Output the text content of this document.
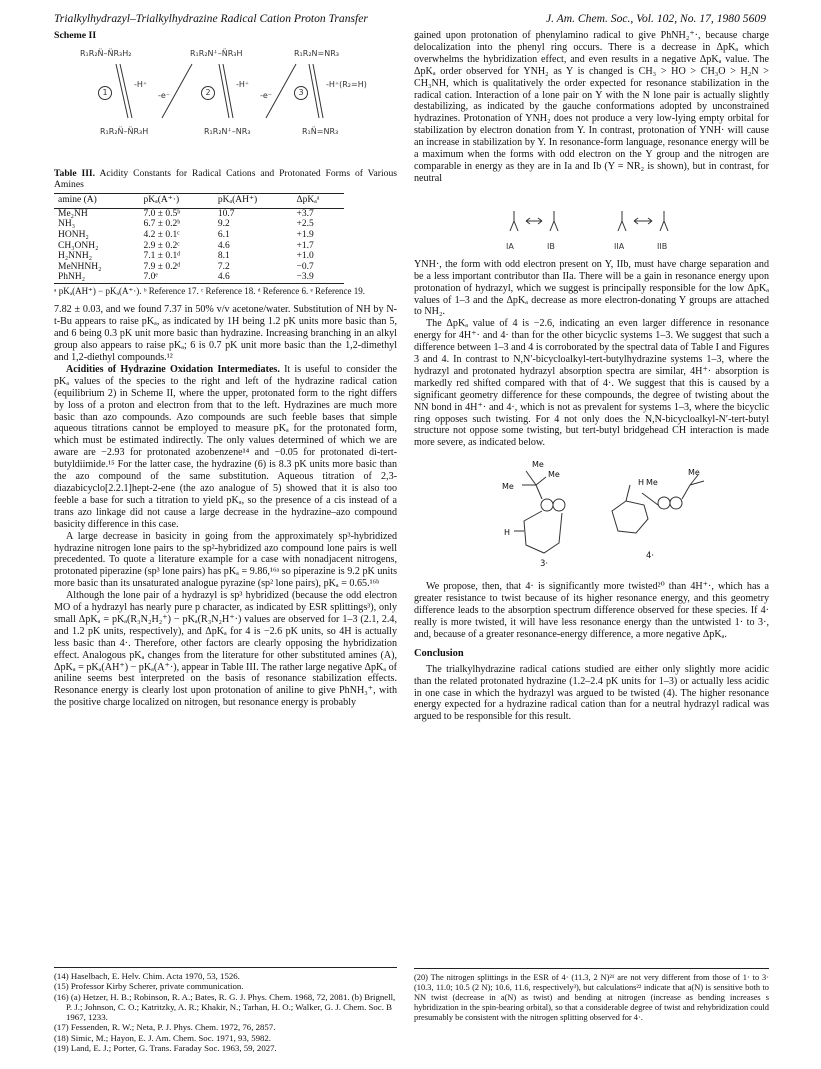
Trialkylhydrazyl–Trialkylhydrazine Radical Cation Proton Transfer	J. Am. Chem. Soc., Vol. 102, No. 17, 1980 5609
Scheme II
R₁R₂N̈–N̈R₃H₂	R₁R₂N⁺̇–N̈R₃H	R₁R₂N=NR₃
1
-H⁺
-e⁻	2
-H⁺
-e⁻	3
-H⁺(R₂=H)
R₁R₂N̈–N̈R₃H	R₁R₂N⁺̇–NR₃	R₁N̈=NR₃
Table III. Acidity Constants for Radical Cations and Protonated Forms of Various Amines
amine (A)	pKₐ(A⁺·)	pKₐ(AH⁺)	ΔpKₐᵃ
Me₂NH	7.0 ± 0.5ᵇ	10.7	+3.7
NH₃	6.7 ± 0.2ᵇ	9.2	+2.5
HONH₂	4.2 ± 0.1ᶜ	6.1	+1.9
CH₃ONH₂	2.9 ± 0.2ᶜ	4.6	+1.7
H₂NNH₂	7.1 ± 0.1ᵈ	8.1	+1.0
MeNHNH₂	7.9 ± 0.2ᵈ	7.2	−0.7
PhNH₂	7.0ᵉ	4.6	−3.9
ᵃ pKₐ(AH⁺) − pKₐ(A⁺·). ᵇ Reference 17. ᶜ Reference 18. ᵈ Reference 6. ᵉ Reference 19.

7.82 ± 0.03, and we found 7.37 in 50% v/v acetone/water. Substitution of NH by N-t-Bu appears to raise pKₐ, as indicated by 1H being 1.2 pK units more basic than 5, and 6 being 0.3 pK unit more basic than hydrazine. Increasing branching in an alkyl group also appears to raise pKₐ; 6 is 0.7 pK unit more basic than the 1,2-dimethyl and 1,2-diethyl compounds.¹²

Acidities of Hydrazine Oxidation Intermediates. It is useful to consider the pKₐ values of the species to the right and left of the hydrazine radical cation (equilibrium 2) in Scheme II, where the upper, protonated form to the right differs by loss of a proton and electron from that to the left. Hydrazines are much more basic than azo compounds. Azo compounds are such feeble bases that simple aqueous titrations cannot be employed to measure pKₐ for the protonated form, which must be estimated indirectly. The only values determined of which we are aware are −2.93 for protonated azobenzene¹⁴ and −0.05 for protonated di-tert-butyldiimide.¹⁵ For the latter case, the hydrazine (6) is 8.3 pK units more basic than the azo compound of the same substitution. Aqueous titration of 2,3-diazabicyclo[2.2.1]hept-2-ene (the azo analogue of 5) showed that it is also too feeble a base for such a titration to yield pKₐ, so the presence of a cis instead of a trans azo linkage did not cause a large decrease in the hydrazine–azo compound basicity difference in this case.

A large decrease in basicity in going from the approximately sp³-hybridized hydrazine nitrogen lone pairs to the sp²-hybridized azo compound lone pairs is well precedented. To quote a literature example for a case with nonadjacent nitrogens, protonated piperazine (sp³ lone pairs) has pKₐ = 9.86,¹⁶ᵃ so piperazine is 9.2 pK units more basic than its unsaturated analogue pyrazine (sp² lone pairs), pKₐ = 0.65.¹⁶ᵇ

Although the lone pair of a hydrazyl is sp³ hybridized (because the odd electron MO of a hydrazyl has nearly pure p character, as indicated by ESR splittings³), only small ΔpKₐ = pKₐ(R₃N₂H₂⁺) − pKₐ(R₃N₂H⁺·) values are observed for 1–3 (2.1, 2.4, and 1.2 pK units, respectively), and ΔpKₐ for 4 is −2.6 pK units, so 4H is actually less basic than 4·. Therefore, other factors are clearly opposing the hybridization effect. Analogous pKₐ changes from the literature for other substituted amines (A), ΔpKₐ = pKₐ(AH⁺) − pKₐ(A⁺·), appear in Table III. The rather large negative ΔpKₐ of aniline seems best interpreted on the basis of resonance stabilization effects. Resonance energy is clearly lost upon protonation of aniline to give PhNH₃⁺, with the positive charge localized on nitrogen, but resonance energy is probably

(14) Haselbach, E. Helv. Chim. Acta 1970, 53, 1526.
(15) Professor Kirby Scherer, private communication.
(16) (a) Hetzer, H. B.; Robinson, R. A.; Bates, R. G. J. Phys. Chem. 1968, 72, 2081. (b) Brignell, P. J.; Johnson, C. O.; Katritzky, A. R.; Khakir, N.; Tarhan, H. O.; Walker, G. J. Chem. Soc. B 1967, 1233.
(17) Fessenden, R. W.; Neta, P. J. Phys. Chem. 1972, 76, 2857.
(18) Simic, M.; Hayon, E. J. Am. Chem. Soc. 1971, 93, 5982.
(19) Land, E. J.; Porter, G. Trans. Faraday Soc. 1963, 59, 2027.

gained upon protonation of phenylamino radical to give PhNH₂⁺·, because charge delocalization into the phenyl ring occurs. There is a decrease in ΔpKₐ which overwhelms the hybridization effect, and even results in a negative ΔpKₐ value. The ΔpKₐ order observed for YNH₂ as Y is changed is CH₃ > HO > CH₃O > H₂N > CH₃NH, which is qualitatively the order expected for resonance stabilization in the radical cation. Interaction of a lone pair on Y with the N lone pair is actually slightly destabilizing, as indicated by the gauche conformations adopted by unconstrained hydrazines. Protonation of YNH₂ does not produce a very low-lying empty orbital for stabilization by electron donation from Y. In contrast, protonation of YNH· will cause an increase in stabilization by Y. In resonance-form language, resonance energy will be a maximum when the forms with odd electron on the Y group and the nitrogen are comparable in energy as they are in Ia and Ib (Y = NR₂ is shown), but in contrast, for neutral

IA	IB	IIA	IIB

YNH·, the form with odd electron present on Y, IIb, must have charge separation and be a less important contributor than IIa. There will be a gain in resonance energy upon protonation of hydrazyl, which we suggest is principally responsible for the low ΔpKₐ values of 1–3 and the ΔpKₐ decrease as more electron-donating Y groups are attached to NH₂.

The ΔpKₐ value of 4 is −2.6, indicating an even larger difference in resonance energy for 4H⁺· and 4· than for the other bicyclic systems 1–3. We suggest that such a difference between 1–3 and 4 is corroborated by the spectral data of Table I and Figures 3 and 4. In contrast to N,N′-bicycloalkyl-tert-butylhydrazine systems 1–3, where the hydrazyl and protonated hydrazyl absorption spectra are similar, 4H⁺· absorption is markedly red shifted compared with that of 4·. We suggest that this is caused by a significant geometry difference for these compounds, the degree of twisting about the NN bond in 4H⁺· and 4·, which is not as prevalent for systems 1–3, where the bicyclic ring opposes such twisting. For 4 not only does the N,N-bicycloalkyl-N′-tert-butyl structure not oppose some twisting, but tert-butyl bridgehead CH interaction is made more severe, as indicated below.

Me
Me
Me
H
3·
H Me
Me
4·

We propose, then, that 4· is significantly more twisted²⁰ than 4H⁺·, which has a greater resistance to twist because of its higher resonance energy, and this geometry difference leads to the absorption spectrum difference observed for these species. If 4· really is more twisted, it will have less resonance energy than the untwisted 1· to 3·, and, because of a greater resonance-energy difference, a more negative ΔpKₐ.

Conclusion

The trialkylhydrazine radical cations studied are either only slightly more acidic than the related protonated hydrazine (1.2–2.4 pK units for 1–3) or actually less acidic in one case in which the hydrazyl was argued to be twisted (4). The higher resonance energy expected for a hydrazine radical cation than for a neutral hydrazyl radical was argued to be responsible for this result.

(20) The nitrogen splittings in the ESR of 4· (11.3, 2 N)²¹ are not very different from those of 1· to 3· (10.3, 11.0; 10.5 (2 N); 10.6, 11.6, respectively³), but calculations²² indicate that a(N) is sensitive both to NN twist (decrease in a(N) as twist) and bending at nitrogen (increase as bending increases s hybridization in the spin-bearing orbital), so that a considerable degree of twist and rehybridization could presumably be consistent with the nitrogen splitting observed for 4·.
